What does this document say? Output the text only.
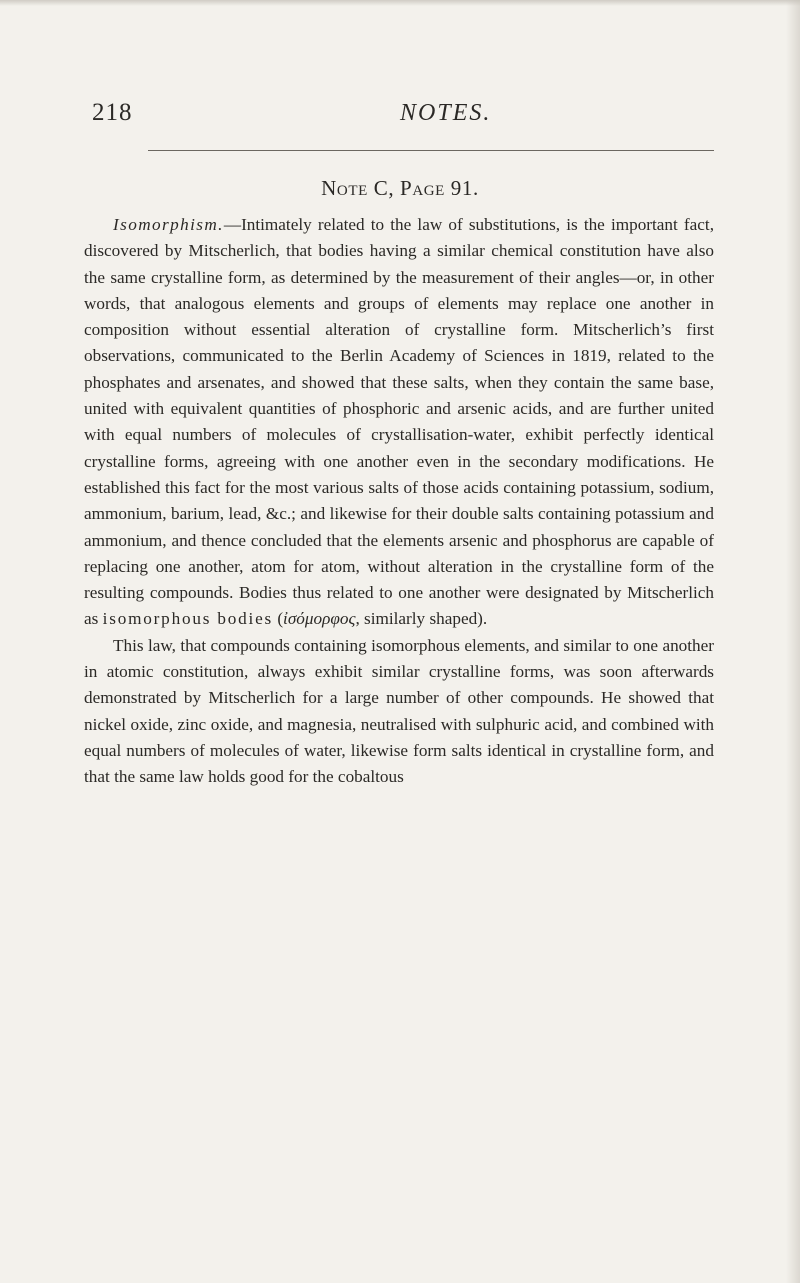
218	NOTES.
Note C, Page 91.

Isomorphism.—Intimately related to the law of substitutions, is the important fact, discovered by Mitscherlich, that bodies having a similar chemical constitution have also the same crystalline form, as determined by the measurement of their angles—or, in other words, that analogous elements and groups of elements may replace one another in composition without essential alteration of crystalline form. Mitscherlich’s first observations, communicated to the Berlin Academy of Sciences in 1819, related to the phosphates and arsenates, and showed that these salts, when they contain the same base, united with equivalent quantities of phosphoric and arsenic acids, and are further united with equal numbers of molecules of crystallisation-water, exhibit perfectly identical crystalline forms, agreeing with one another even in the secondary modifications. He established this fact for the most various salts of those acids containing potassium, sodium, ammonium, barium, lead, &c.; and likewise for their double salts containing potassium and ammonium, and thence concluded that the elements arsenic and phosphorus are capable of replacing one another, atom for atom, without alteration in the crystalline form of the resulting compounds. Bodies thus related to one another were designated by Mitscherlich as isomorphous bodies (ἰσόμορφος, similarly shaped).

This law, that compounds containing isomorphous elements, and similar to one another in atomic constitution, always exhibit similar crystalline forms, was soon afterwards demonstrated by Mitscherlich for a large number of other compounds. He showed that nickel oxide, zinc oxide, and magnesia, neutralised with sulphuric acid, and combined with equal numbers of molecules of water, likewise form salts identical in crystalline form, and that the same law holds good for the cobaltous
